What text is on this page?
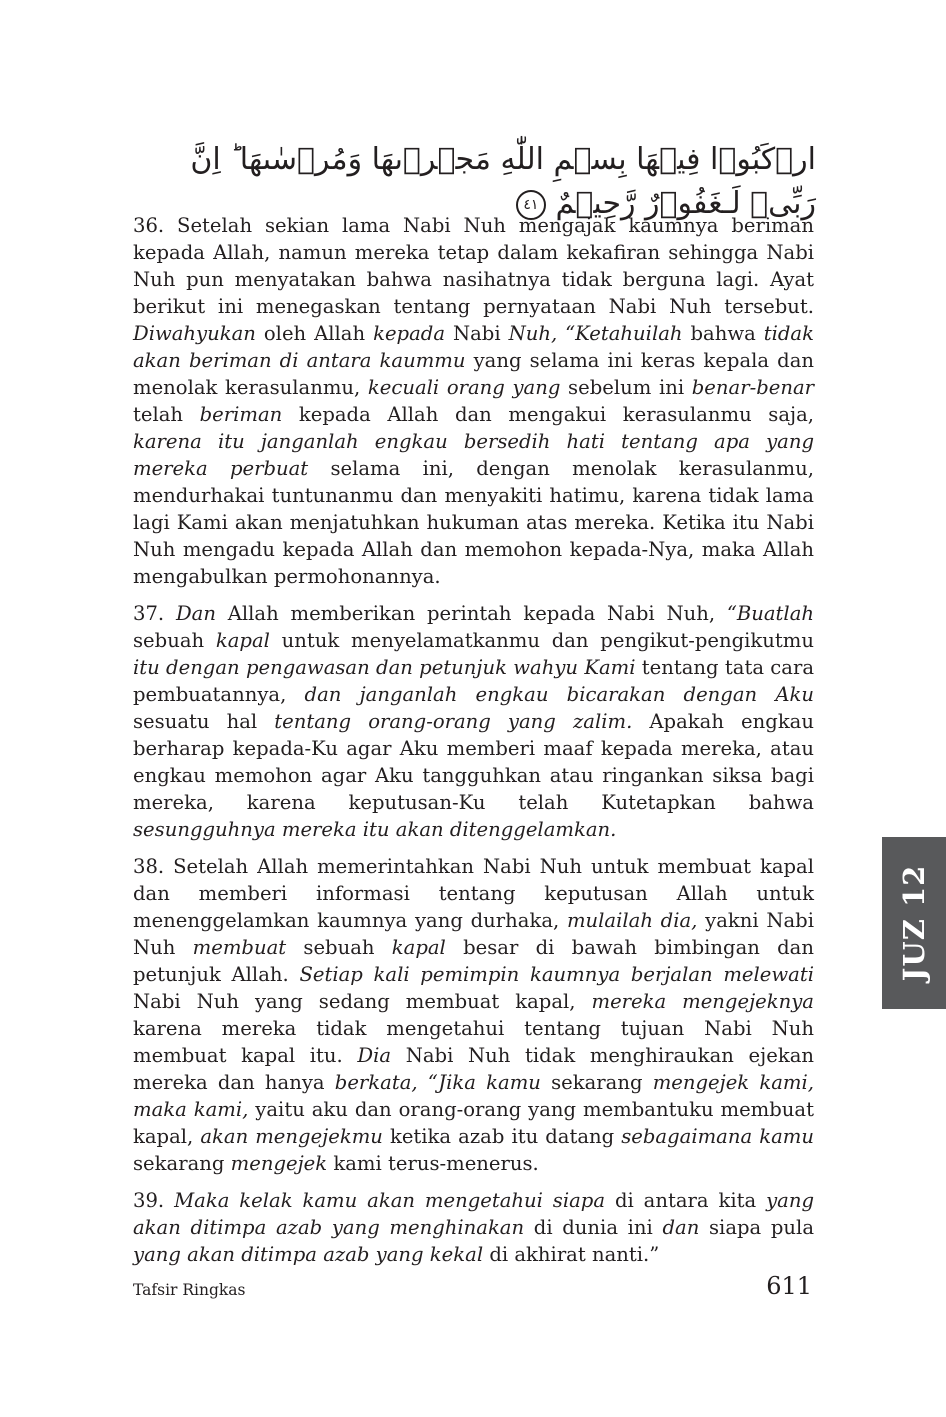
ارۡكَبُوۡا فِيۡهَا بِسۡمِ اللّٰهِ مَجۡرٖٮهَا وَمُرۡسٰٮهَا ؕ اِنَّ رَبِّىۡ لَـغَفُوۡرٌ رَّحِيۡمٌ ٤١

36. Setelah sekian lama Nabi Nuh mengajak kaumnya beriman kepada Allah, namun mereka tetap dalam kekafiran sehingga Nabi Nuh pun menyatakan bahwa nasihatnya tidak berguna lagi. Ayat berikut ini menegaskan tentang pernyataan Nabi Nuh tersebut. Diwahyukan oleh Allah kepada Nabi Nuh, “Ketahuilah bahwa tidak akan beriman di antara kaummu yang selama ini keras kepala dan menolak kerasulanmu, kecuali orang yang sebelum ini benar-benar telah beriman kepada Allah dan mengakui kerasulanmu saja, karena itu janganlah engkau bersedih hati tentang apa yang mereka perbuat selama ini, dengan menolak kerasulanmu, mendurhakai tuntunanmu dan menyakiti hatimu, karena tidak lama lagi Kami akan menjatuhkan hukuman atas mereka. Ketika itu Nabi Nuh mengadu kepada Allah dan memohon kepada-Nya, maka Allah mengabulkan permohonannya.

37. Dan Allah memberikan perintah kepada Nabi Nuh, “Buatlah sebuah kapal untuk menyelamatkanmu dan pengikut-pengikutmu itu dengan pengawasan dan petunjuk wahyu Kami tentang tata cara pembuatannya, dan janganlah engkau bicarakan dengan Aku sesuatu hal tentang orang-orang yang zalim. Apakah engkau berharap kepada-Ku agar Aku memberi maaf kepada mereka, atau engkau memohon agar Aku tangguhkan atau ringankan siksa bagi mereka, karena keputusan-Ku telah Kutetapkan bahwa sesungguhnya mereka itu akan ditenggelamkan.

38. Setelah Allah memerintahkan Nabi Nuh untuk membuat kapal dan memberi informasi tentang keputusan Allah untuk menenggelamkan kaumnya yang durhaka, mulailah dia, yakni Nabi Nuh membuat sebuah kapal besar di bawah bimbingan dan petunjuk Allah. Setiap kali pemimpin kaumnya berjalan melewati Nabi Nuh yang sedang membuat kapal, mereka mengejeknya karena mereka tidak mengetahui tentang tujuan Nabi Nuh membuat kapal itu. Dia Nabi Nuh tidak menghiraukan ejekan mereka dan hanya berkata, “Jika kamu sekarang mengejek kami, maka kami, yaitu aku dan orang-orang yang membantuku membuat kapal, akan mengejekmu ketika azab itu datang sebagaimana kamu sekarang mengejek kami terus-menerus.

39. Maka kelak kamu akan mengetahui siapa di antara kita yang akan ditimpa azab yang menghinakan di dunia ini dan siapa pula yang akan ditimpa azab yang kekal di akhirat nanti.”

JUZ 12
Tafsir Ringkas	611
